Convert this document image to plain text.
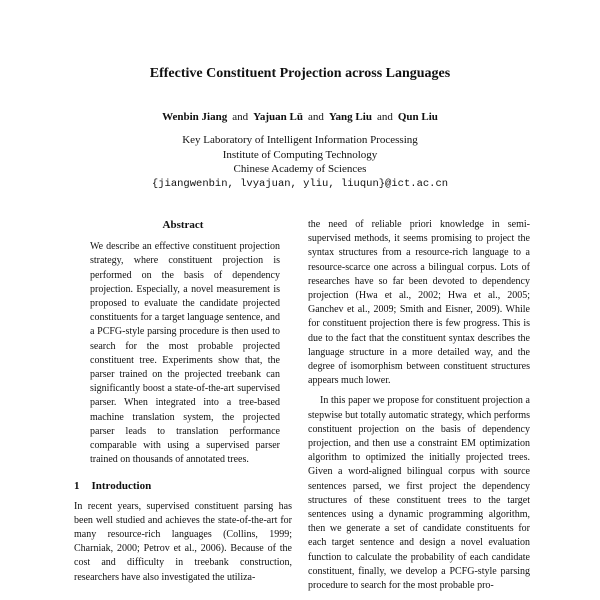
Effective Constituent Projection across Languages
Wenbin Jiang and Yajuan Lü and Yang Liu and Qun Liu
Key Laboratory of Intelligent Information Processing
Institute of Computing Technology
Chinese Academy of Sciences
{jiangwenbin, lvyajuan, yliu, liuqun}@ict.ac.cn
Abstract

We describe an effective constituent projection strategy, where constituent projection is performed on the basis of dependency projection. Especially, a novel measurement is proposed to evaluate the candidate projected constituents for a target language sentence, and a PCFG-style parsing procedure is then used to search for the most probable projected constituent tree. Experiments show that, the parser trained on the projected treebank can significantly boost a state-of-the-art supervised parser. When integrated into a tree-based machine translation system, the projected parser leads to translation performance comparable with using a supervised parser trained on thousands of annotated trees.

1 Introduction

In recent years, supervised constituent parsing has been well studied and achieves the state-of-the-art for many resource-rich languages (Collins, 1999; Charniak, 2000; Petrov et al., 2006). Because of the cost and difficulty in treebank construction, researchers have also investigated the utiliza-

the need of reliable priori knowledge in semi-supervised methods, it seems promising to project the syntax structures from a resource-rich language to a resource-scarce one across a bilingual corpus. Lots of researches have so far been devoted to dependency projection (Hwa et al., 2002; Hwa et al., 2005; Ganchev et al., 2009; Smith and Eisner, 2009). While for constituent projection there is few progress. This is due to the fact that the constituent syntax describes the language structure in a more detailed way, and the degree of isomorphism between constituent structures appears much lower.

In this paper we propose for constituent projection a stepwise but totally automatic strategy, which performs constituent projection on the basis of dependency projection, and then use a constraint EM optimization algorithm to optimized the initially projected trees. Given a word-aligned bilingual corpus with source sentences parsed, we first project the dependency structures of these constituent trees to the target sentences using a dynamic programming algorithm, then we generate a set of candidate constituents for each target sentence and design a novel evaluation function to calculate the probability of each candidate constituent, finally, we develop a PCFG-style parsing procedure to search for the most probable pro-
